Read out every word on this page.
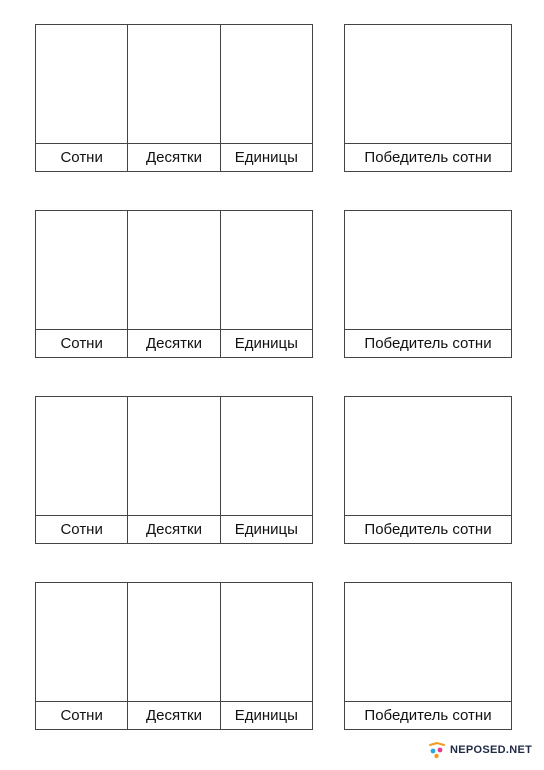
Сотни	Десятки	Единицы	Победитель сотни
Сотни	Десятки	Единицы	Победитель сотни
Сотни	Десятки	Единицы	Победитель сотни
Сотни	Десятки	Единицы	Победитель сотни
NEPOSED.NET
